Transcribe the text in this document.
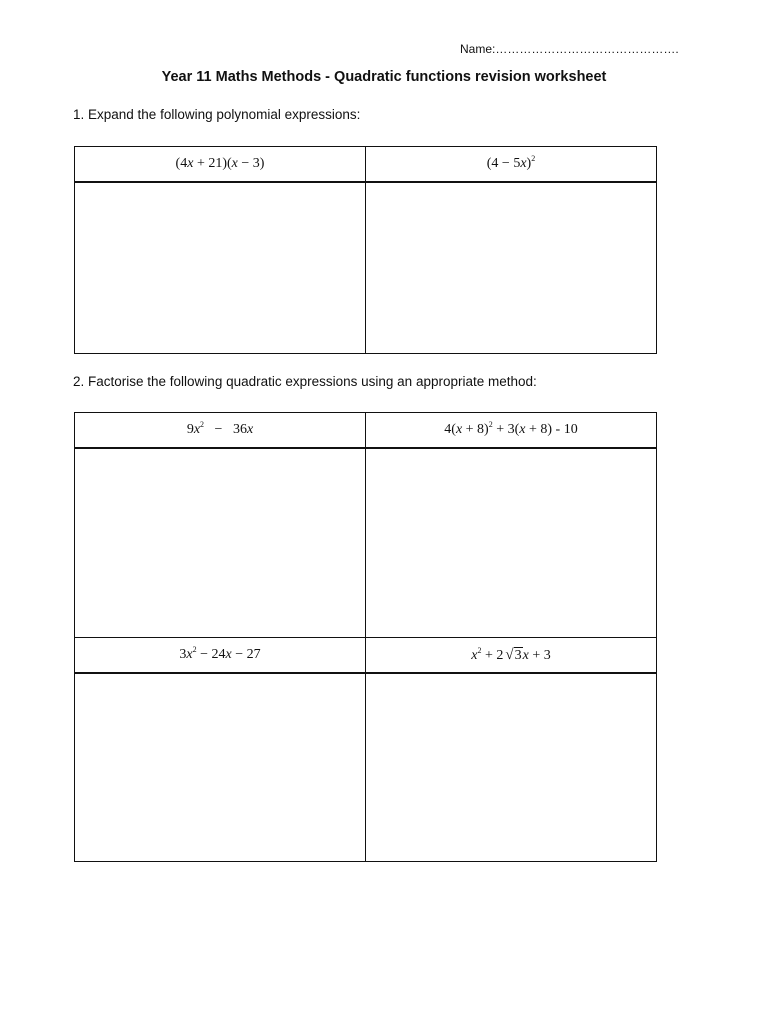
Name:……………………………………….
Year 11 Maths Methods - Quadratic functions revision worksheet
1. Expand the following polynomial expressions:
(4x + 21)(x − 3)	$(4 - 5x)^2$

2. Factorise the following quadratic expressions using an appropriate method:
$9x^2 - 36x$	$4(x + 8)^2 + 3(x + 8) - 10$

$3x^2 - 24x - 27$	$x^2 + 2$ √3x + 3
